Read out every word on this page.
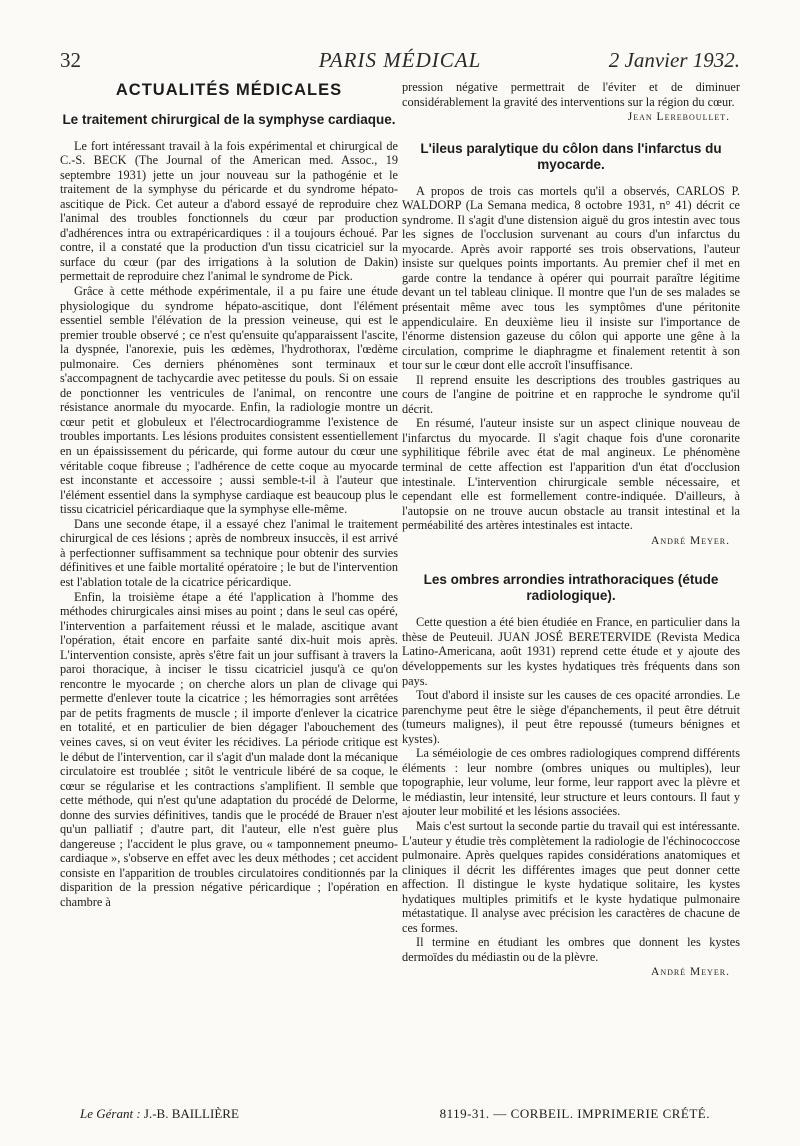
32	PARIS MÉDICAL	2 Janvier 1932.
ACTUALITÉS MÉDICALES
Le traitement chirurgical de la symphyse cardiaque.

Le fort intéressant travail à la fois expérimental et chirurgical de C.-S. BECK (The Journal of the American med. Assoc., 19 septembre 1931) jette un jour nouveau sur la pathogénie et le traitement de la symphyse du péricarde et du syndrome hépato-ascitique de Pick. Cet auteur a d'abord essayé de reproduire chez l'animal des troubles fonctionnels du cœur par production d'adhérences intra ou extrapéricardiques : il a toujours échoué. Par contre, il a constaté que la production d'un tissu cicatriciel sur la surface du cœur (par des irrigations à la solution de Dakin) permettait de reproduire chez l'animal le syndrome de Pick.

Grâce à cette méthode expérimentale, il a pu faire une étude physiologique du syndrome hépato-ascitique, dont l'élément essentiel semble l'élévation de la pression veineuse, qui est le premier trouble observé ; ce n'est qu'ensuite qu'apparaissent l'ascite, la dyspnée, l'anorexie, puis les œdèmes, l'hydrothorax, l'œdème pulmonaire. Ces derniers phénomènes sont terminaux et s'accompagnent de tachycardie avec petitesse du pouls. Si on essaie de ponctionner les ventricules de l'animal, on rencontre une résistance anormale du myocarde. Enfin, la radiologie montre un cœur petit et globuleux et l'électrocardiogramme l'existence de troubles importants. Les lésions produites consistent essentiellement en un épaississement du péricarde, qui forme autour du cœur une véritable coque fibreuse ; l'adhérence de cette coque au myocarde est inconstante et accessoire ; aussi semble-t-il à l'auteur que l'élément essentiel dans la symphyse cardiaque est beaucoup plus le tissu cicatriciel péricardiaque que la symphyse elle-même.

Dans une seconde étape, il a essayé chez l'animal le traitement chirurgical de ces lésions ; après de nombreux insuccès, il est arrivé à perfectionner suffisamment sa technique pour obtenir des survies définitives et une faible mortalité opératoire ; le but de l'intervention est l'ablation totale de la cicatrice péricardique.

Enfin, la troisième étape a été l'application à l'homme des méthodes chirurgicales ainsi mises au point ; dans le seul cas opéré, l'intervention a parfaitement réussi et le malade, ascitique avant l'opération, était encore en parfaite santé dix-huit mois après. L'intervention consiste, après s'être fait un jour suffisant à travers la paroi thoracique, à inciser le tissu cicatriciel jusqu'à ce qu'on rencontre le myocarde ; on cherche alors un plan de clivage qui permette d'enlever toute la cicatrice ; les hémorragies sont arrêtées par de petits fragments de muscle ; il importe d'enlever la cicatrice en totalité, et en particulier de bien dégager l'abouchement des veines caves, si on veut éviter les récidives. La période critique est le début de l'intervention, car il s'agit d'un malade dont la mécanique circulatoire est troublée ; sitôt le ventricule libéré de sa coque, le cœur se régularise et les contractions s'amplifient. Il semble que cette méthode, qui n'est qu'une adaptation du procédé de Delorme, donne des survies définitives, tandis que le procédé de Brauer n'est qu'un palliatif ; d'autre part, dit l'auteur, elle n'est guère plus dangereuse ; l'accident le plus grave, ou « tamponnement pneumo-cardiaque », s'observe en effet avec les deux méthodes ; cet accident consiste en l'apparition de troubles circulatoires conditionnés par la disparition de la pression négative péricardique ; l'opération en chambre à

pression négative permettrait de l'éviter et de diminuer considérablement la gravité des interventions sur la région du cœur.

Jean Lereboullet.
L'ileus paralytique du côlon dans l'infarctus du myocarde.

A propos de trois cas mortels qu'il a observés, CARLOS P. WALDORP (La Semana medica, 8 octobre 1931, n° 41) décrit ce syndrome. Il s'agit d'une distension aiguë du gros intestin avec tous les signes de l'occlusion survenant au cours d'un infarctus du myocarde. Après avoir rapporté ses trois observations, l'auteur insiste sur quelques points importants. Au premier chef il met en garde contre la tendance à opérer qui pourrait paraître légitime devant un tel tableau clinique. Il montre que l'un de ses malades se présentait même avec tous les symptômes d'une péritonite appendiculaire. En deuxième lieu il insiste sur l'importance de l'énorme distension gazeuse du côlon qui apporte une gêne à la circulation, comprime le diaphragme et finalement retentit à son tour sur le cœur dont elle accroît l'insuffisance.

Il reprend ensuite les descriptions des troubles gastriques au cours de l'angine de poitrine et en rapproche le syndrome qu'il décrit.

En résumé, l'auteur insiste sur un aspect clinique nouveau de l'infarctus du myocarde. Il s'agit chaque fois d'une coronarite syphilitique fébrile avec état de mal angineux. Le phénomène terminal de cette affection est l'apparition d'un état d'occlusion intestinale. L'intervention chirurgicale semble nécessaire, et cependant elle est formellement contre-indiquée. D'ailleurs, à l'autopsie on ne trouve aucun obstacle au transit intestinal et la perméabilité des artères intestinales est intacte.

André Meyer.
Les ombres arrondies intrathoraciques (étude radiologique).

Cette question a été bien étudiée en France, en particulier dans la thèse de Peuteuil. JUAN JOSÉ BERETERVIDE (Revista Medica Latino-Americana, août 1931) reprend cette étude et y ajoute des développements sur les kystes hydatiques très fréquents dans son pays.

Tout d'abord il insiste sur les causes de ces opacité arrondies. Le parenchyme peut être le siège d'épanchements, il peut être détruit (tumeurs malignes), il peut être repoussé (tumeurs bénignes et kystes).

La séméiologie de ces ombres radiologiques comprend différents éléments : leur nombre (ombres uniques ou multiples), leur topographie, leur volume, leur forme, leur rapport avec la plèvre et le médiastin, leur intensité, leur structure et leurs contours. Il faut y ajouter leur mobilité et les lésions associées.

Mais c'est surtout la seconde partie du travail qui est intéressante. L'auteur y étudie très complètement la radiologie de l'échinococcose pulmonaire. Après quelques rapides considérations anatomiques et cliniques il décrit les différentes images que peut donner cette affection. Il distingue le kyste hydatique solitaire, les kystes hydatiques multiples primitifs et le kyste hydatique pulmonaire métastatique. Il analyse avec précision les caractères de chacune de ces formes.

Il termine en étudiant les ombres que donnent les kystes dermoïdes du médiastin ou de la plèvre.

André Meyer.
Le Gérant : J.-B. BAILLIÈRE	8119-31. — CORBEIL. IMPRIMERIE CRÉTÉ.
